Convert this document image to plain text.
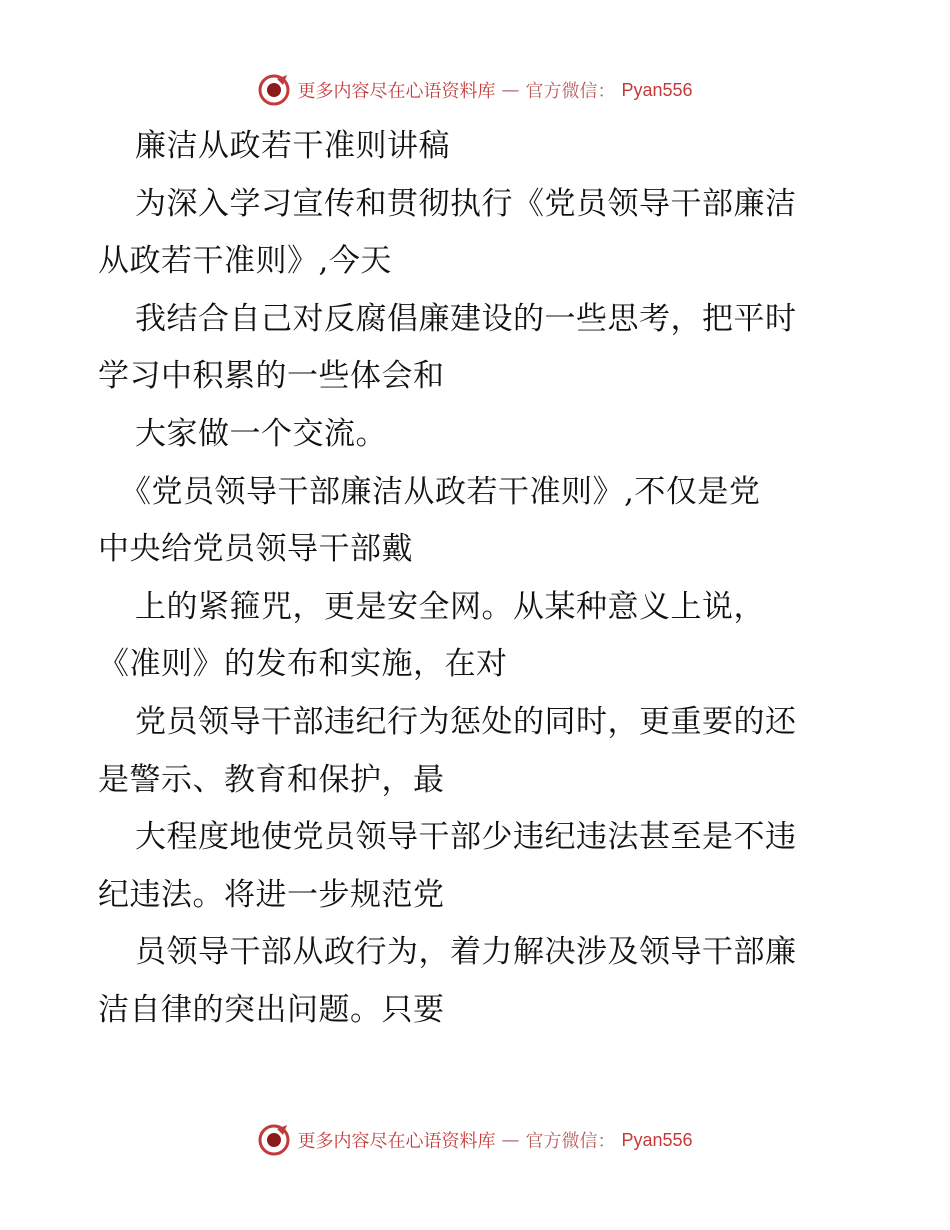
更多内容尽在心语资料库 — 官方微信： Pyan556
廉洁从政若干准则讲稿
为深入学习宣传和贯彻执行《党员领导干部廉洁
从政若干准则》,今天
我结合自己对反腐倡廉建设的一些思考，把平时
学习中积累的一些体会和
大家做一个交流。
《党员领导干部廉洁从政若干准则》,不仅是党
中央给党员领导干部戴
上的紧箍咒，更是安全网。从某种意义上说，
《准则》的发布和实施，在对
党员领导干部违纪行为惩处的同时，更重要的还
是警示、教育和保护，最
大程度地使党员领导干部少违纪违法甚至是不违
纪违法。将进一步规范党
员领导干部从政行为，着力解决涉及领导干部廉
洁自律的突出问题。只要
更多内容尽在心语资料库 — 官方微信： Pyan556
